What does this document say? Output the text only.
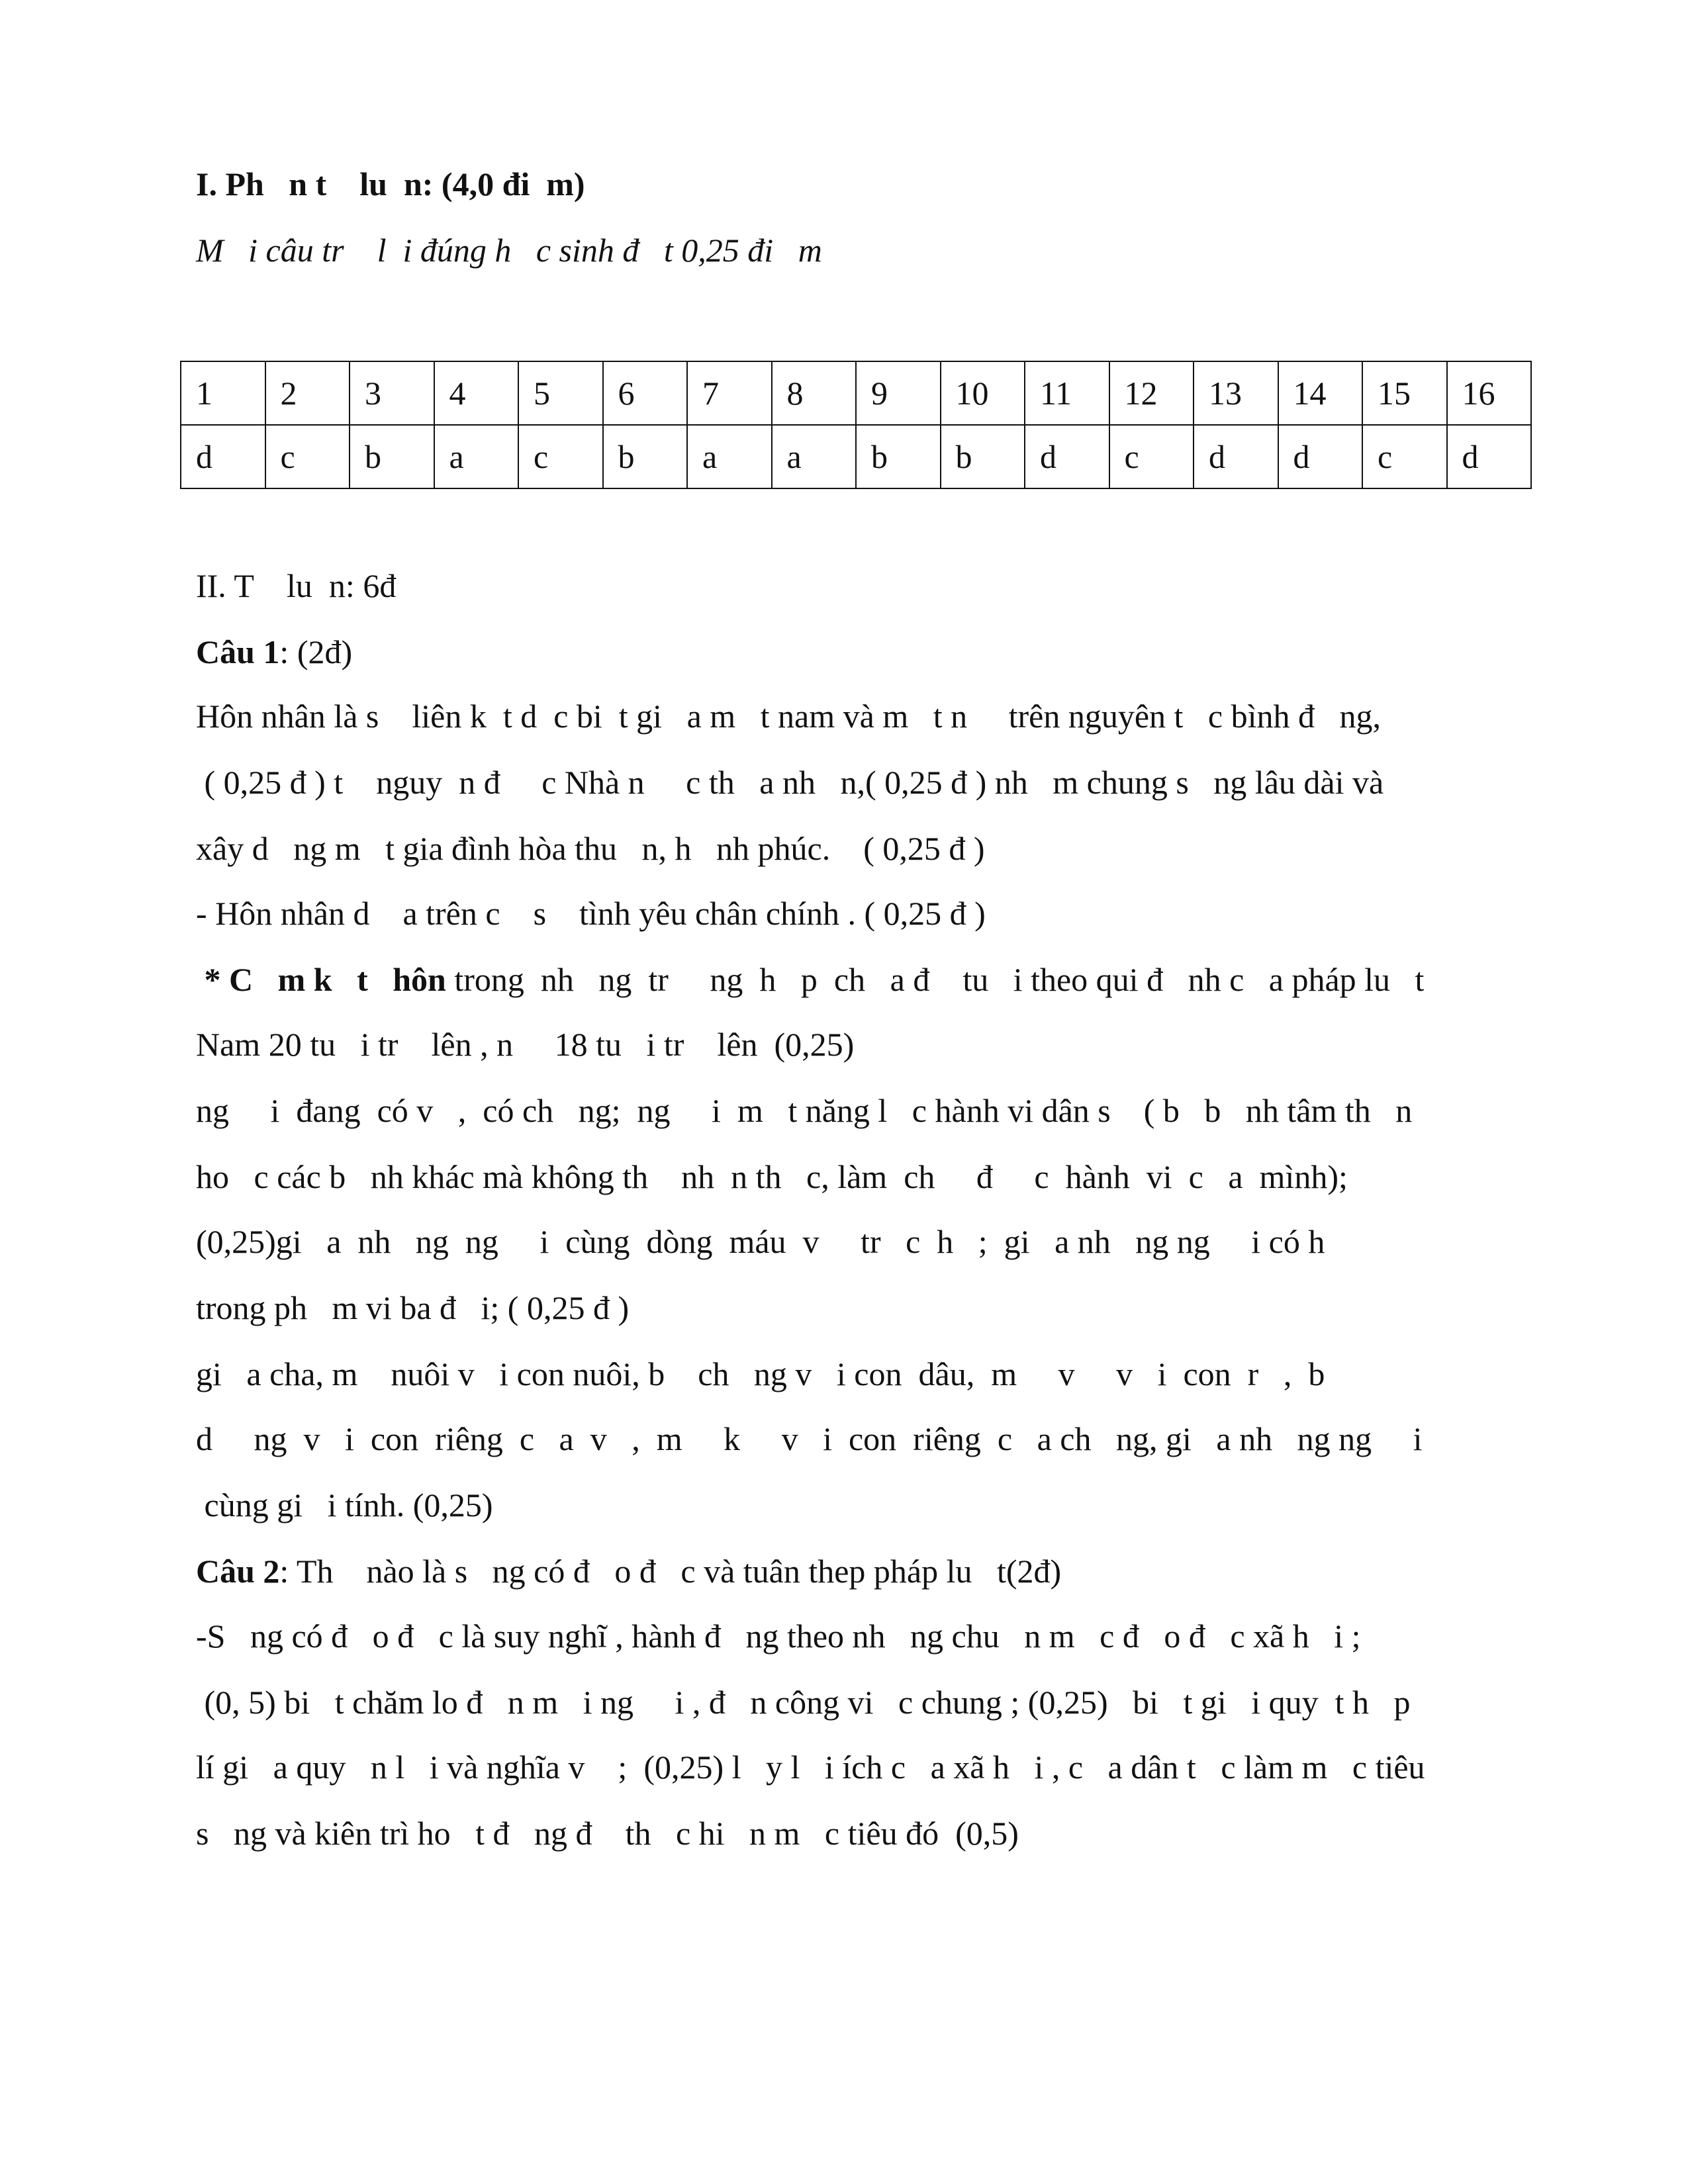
I. Ph   n t    lu  n: (4,0 đi  m)
M   i câu tr    l  i đúng h   c sinh đ   t 0,25 đi   m
1	2	3	4	5	6	7	8	9	10	11	12	13	14	15	16
d	c	b	a	c	b	a	a	b	b	d	c	d	d	c	d
II. T    lu  n: 6đ
Câu 1: (2đ)
Hôn nhân là s    liên k  t d  c bi  t gi   a m   t nam và m   t n     trên nguyên t   c bình đ   ng,
( 0,25 đ ) t    nguy  n đ     c Nhà n     c th   a nh   n,( 0,25 đ ) nh   m chung s   ng lâu dài và
xây d   ng m   t gia đình hòa thu   n, h   nh phúc.    ( 0,25 đ )
- Hôn nhân d    a trên c    s    tình yêu chân chính . ( 0,25 đ )
* C   m k   t   hôn trong  nh   ng  tr     ng  h   p  ch   a đ    tu   i theo qui đ   nh c   a pháp lu   t
Nam 20 tu   i tr    lên , n     18 tu   i tr    lên  (0,25)
ng     i  đang  có v   ,  có ch   ng;  ng     i  m   t năng l   c hành vi dân s    ( b   b   nh tâm th   n
ho   c các b   nh khác mà không th    nh  n th   c, làm  ch     đ     c  hành  vi  c   a  mình);
(0,25)gi   a  nh   ng  ng     i  cùng  dòng  máu  v     tr   c  h   ;  gi   a nh   ng ng     i có h
trong ph   m vi ba đ   i; ( 0,25 đ )
gi   a cha, m    nuôi v   i con nuôi, b    ch   ng v   i con  dâu,  m     v     v   i  con  r   ,  b
d     ng  v   i  con  riêng  c   a  v   ,  m     k     v   i  con  riêng  c   a ch   ng, gi   a nh   ng ng     i
cùng gi   i tính. (0,25)
Câu 2: Th    nào là s   ng có đ   o đ   c và tuân thep pháp lu   t(2đ)
-S   ng có đ   o đ   c là suy nghĩ , hành đ   ng theo nh   ng chu   n m   c đ   o đ   c xã h   i ;
(0, 5) bi   t chăm lo đ   n m   i ng     i , đ   n công vi   c chung ; (0,25)   bi   t gi   i quy  t h   p
lí gi   a quy   n l   i và nghĩa v    ;  (0,25) l   y l   i ích c   a xã h   i , c   a dân t   c làm m   c tiêu
s   ng và kiên trì ho   t đ   ng đ    th   c hi   n m   c tiêu đó  (0,5)
